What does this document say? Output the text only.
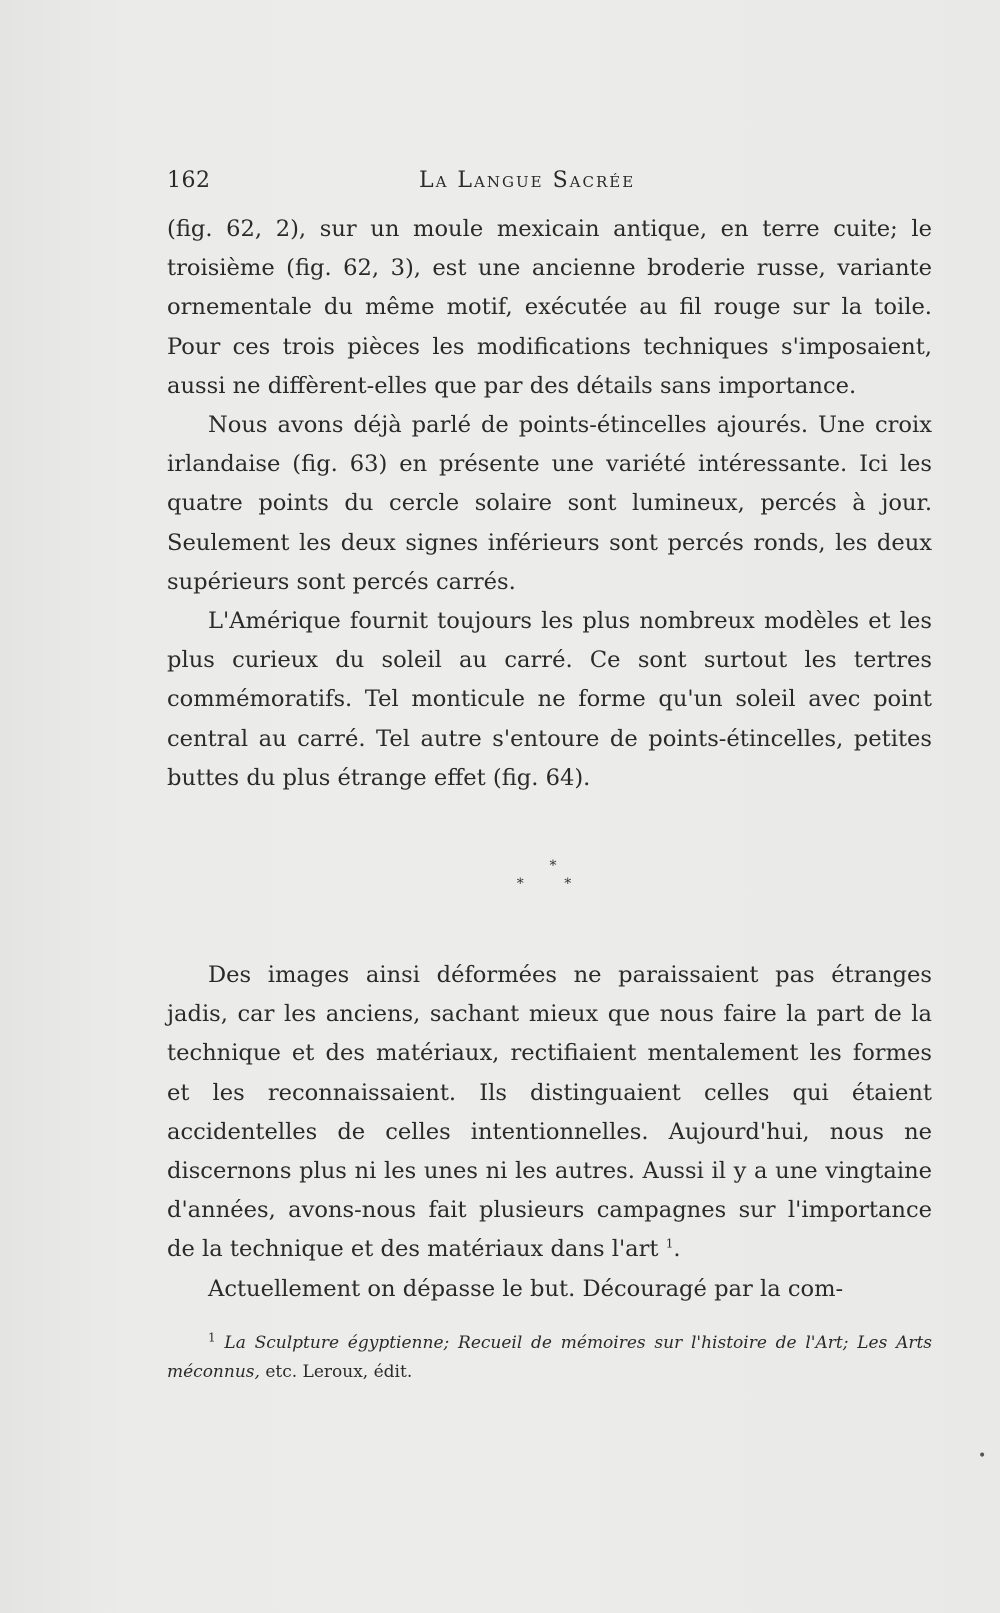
162	La Langue Sacrée

(fig. 62, 2), sur un moule mexicain antique, en terre cuite; le troisième (fig. 62, 3), est une ancienne broderie russe, variante ornementale du même motif, exécutée au fil rouge sur la toile. Pour ces trois pièces les modifications techniques s'imposaient, aussi ne diffèrent-elles que par des détails sans importance.

Nous avons déjà parlé de points-étincelles ajourés. Une croix irlandaise (fig. 63) en présente une variété intéressante. Ici les quatre points du cercle solaire sont lumineux, percés à jour. Seulement les deux signes inférieurs sont percés ronds, les deux supérieurs sont percés carrés.

L'Amérique fournit toujours les plus nombreux modèles et les plus curieux du soleil au carré. Ce sont surtout les tertres commémoratifs. Tel monticule ne forme qu'un soleil avec point central au carré. Tel autre s'entoure de points-étincelles, petites buttes du plus étrange effet (fig. 64).

*
* *

Des images ainsi déformées ne paraissaient pas étranges jadis, car les anciens, sachant mieux que nous faire la part de la technique et des matériaux, rectifiaient mentalement les formes et les reconnaissaient. Ils distinguaient celles qui étaient accidentelles de celles intentionnelles. Aujourd'hui, nous ne discernons plus ni les unes ni les autres. Aussi il y a une vingtaine d'années, avons-nous fait plusieurs campagnes sur l'importance de la technique et des matériaux dans l'art $^1$.

Actuellement on dépasse le but. Découragé par la com-

$^1$ La Sculpture égyptienne; Recueil de mémoires sur l'histoire de l'Art; Les Arts méconnus, etc. Leroux, édit.

•
